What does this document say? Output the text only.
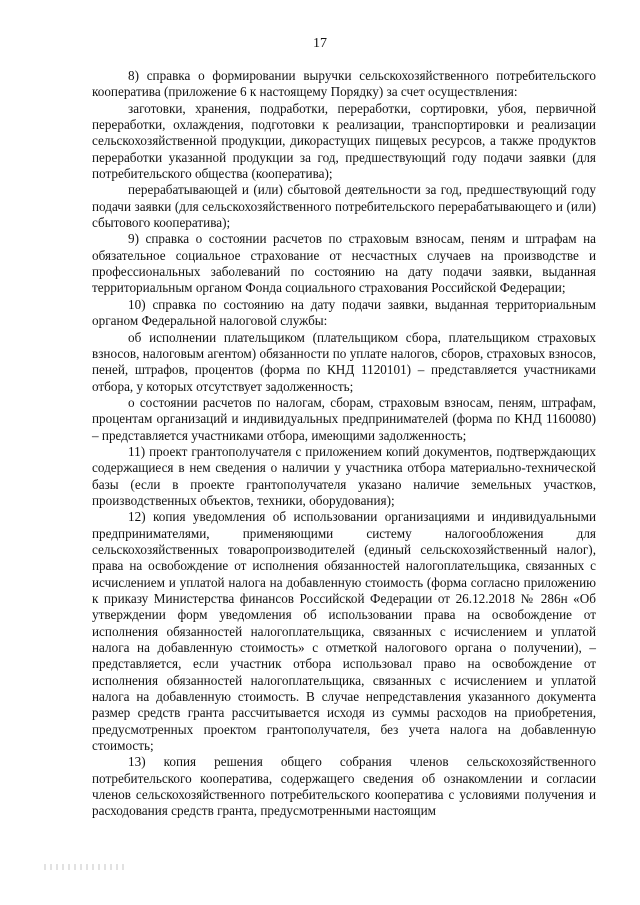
17

8) справка о формировании выручки сельскохозяйственного потребительского кооператива (приложение 6 к настоящему Порядку) за счет осуществления:

заготовки, хранения, подработки, переработки, сортировки, убоя, первичной переработки, охлаждения, подготовки к реализации, транспортировки и реализации сельскохозяйственной продукции, дикорастущих пищевых ресурсов, а также продуктов переработки указанной продукции за год, предшествующий году подачи заявки (для потребительского общества (кооператива);

перерабатывающей и (или) сбытовой деятельности за год, предшествующий году подачи заявки (для сельскохозяйственного потребительского перерабатывающего и (или) сбытового кооператива);

9) справка о состоянии расчетов по страховым взносам, пеням и штрафам на обязательное социальное страхование от несчастных случаев на производстве и профессиональных заболеваний по состоянию на дату подачи заявки, выданная территориальным органом Фонда социального страхования Российской Федерации;

10) справка по состоянию на дату подачи заявки, выданная территориальным органом Федеральной налоговой службы:

об исполнении плательщиком (плательщиком сбора, плательщиком страховых взносов, налоговым агентом) обязанности по уплате налогов, сборов, страховых взносов, пеней, штрафов, процентов (форма по КНД 1120101) – представляется участниками отбора, у которых отсутствует задолженность;

о состоянии расчетов по налогам, сборам, страховым взносам, пеням, штрафам, процентам организаций и индивидуальных предпринимателей (форма по КНД 1160080) – представляется участниками отбора, имеющими задолженность;

11) проект грантополучателя с приложением копий документов, подтверждающих содержащиеся в нем сведения о наличии у участника отбора материально-технической базы (если в проекте грантополучателя указано наличие земельных участков, производственных объектов, техники, оборудования);

12) копия уведомления об использовании организациями и индивидуальными предпринимателями, применяющими систему налогообложения для сельскохозяйственных товаропроизводителей (единый сельскохозяйственный налог), права на освобождение от исполнения обязанностей налогоплательщика, связанных с исчислением и уплатой налога на добавленную стоимость (форма согласно приложению к приказу Министерства финансов Российской Федерации от 26.12.2018 № 286н «Об утверждении форм уведомления об использовании права на освобождение от исполнения обязанностей налогоплательщика, связанных с исчислением и уплатой налога на добавленную стоимость» с отметкой налогового органа о получении), – представляется, если участник отбора использовал право на освобождение от исполнения обязанностей налогоплательщика, связанных с исчислением и уплатой налога на добавленную стоимость. В случае непредставления указанного документа размер средств гранта рассчитывается исходя из суммы расходов на приобретения, предусмотренных проектом грантополучателя, без учета налога на добавленную стоимость;

13) копия решения общего собрания членов сельскохозяйственного потребительского кооператива, содержащего сведения об ознакомлении и согласии членов сельскохозяйственного потребительского кооператива с условиями получения и расходования средств гранта, предусмотренными настоящим
